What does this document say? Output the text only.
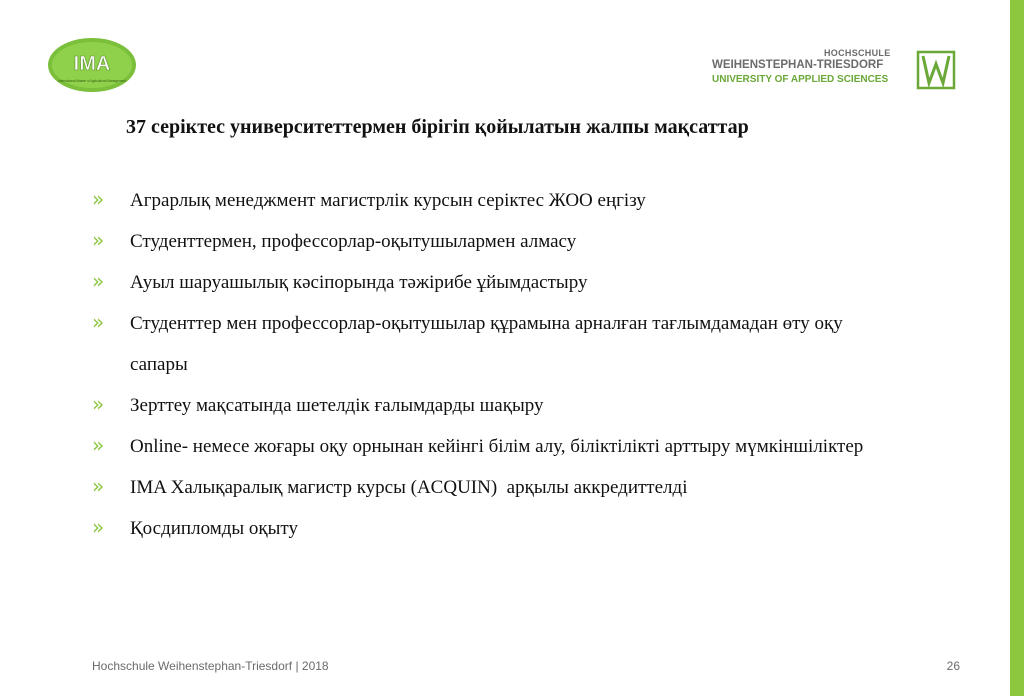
IMA
International Master of Agricultural Management
HOCHSCHULE
WEIHENSTEPHAN-TRIESDORF
UNIVERSITY OF APPLIED SCIENCES
37 серіктес университеттермен бірігіп қойылатын жалпы мақсаттар
» Аграрлық менеджмент магистрлік курсын серіктес ЖОО еңгізу
» Студенттермен, профессорлар-оқытушылармен алмасу
» Ауыл шаруашылық кәсіпорында тәжірибе ұйымдастыру
» Студенттер мен профессорлар-оқытушылар құрамына арналған тағлымдамадан өту оқу сапары
» Зерттеу мақсатында шетелдік ғалымдарды шақыру
» Online- немесе жоғары оқу орнынан кейінгі білім алу, біліктілікті арттыру мүмкіншіліктер
» IMA Халықаралық магистр курсы (ACQUIN)  арқылы аккредиттелді
» Қосдипломды оқыту
Hochschule Weihenstephan-Triesdorf | 2018	26
